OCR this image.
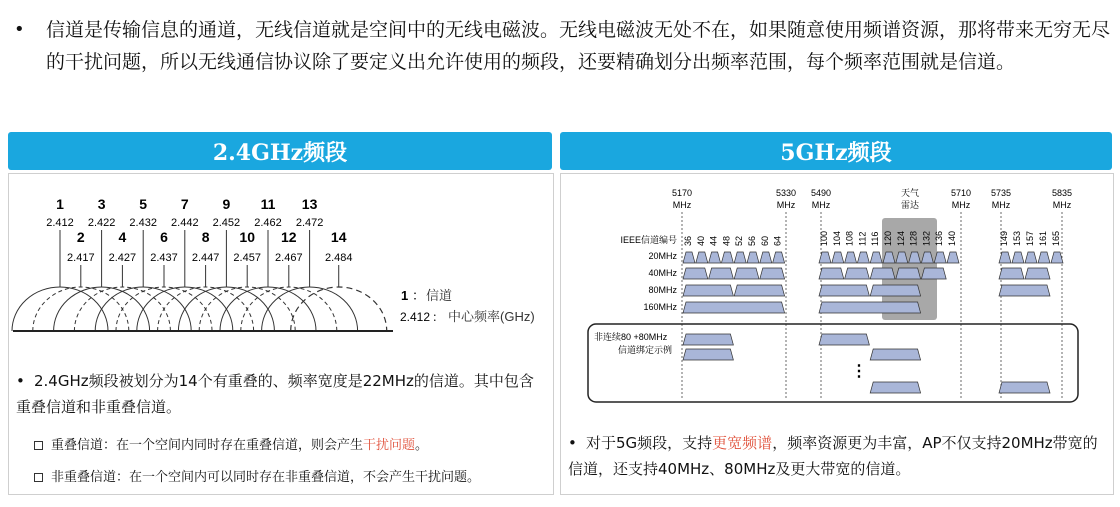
• 信道是传输信息的通道，无线信道就是空间中的无线电磁波。无线电磁波无处不在，如果随意使用频谱资源，那将带来无穷无尽的干扰问题，所以无线通信协议除了要定义出允许使用的频段，还要精确划分出频率范围，每个频率范围就是信道。
2.4GHz频段
1
2.412
2
2.417
3
2.422
4
2.427
5
2.432
6
2.437
7
2.442
8
2.447
9
2.452
10
2.457
11
2.462
12
2.467
13
2.472
14
2.484
1 ： 信道
2.412 ： 中心频率(GHz)
• 2.4GHz频段被划分为14个有重叠的、频率宽度是22MHz的信道。其中包含重叠信道和非重叠信道。
重叠信道：在一个空间内同时存在重叠信道，则会产生干扰问题。
非重叠信道：在一个空间内可以同时存在非重叠信道，不会产生干扰问题。
5GHz频段
5170
MHz
5330
MHz
5490
MHz
天气
雷达
5710
MHz
5735
MHz
5835
MHz
IEEE信道编号
20MHz
40MHz
80MHz
160MHz
36 40 44 48 52 56 60 64	100 104 108 112 116 120 124 128 132 136 140	149 153 157 161 165
非连续80 +80MHz
信道绑定示例
⋮
• 对于5G频段，支持更宽频谱，频率资源更为丰富，AP不仅支持20MHz带宽的信道，还支持40MHz、80MHz及更大带宽的信道。
